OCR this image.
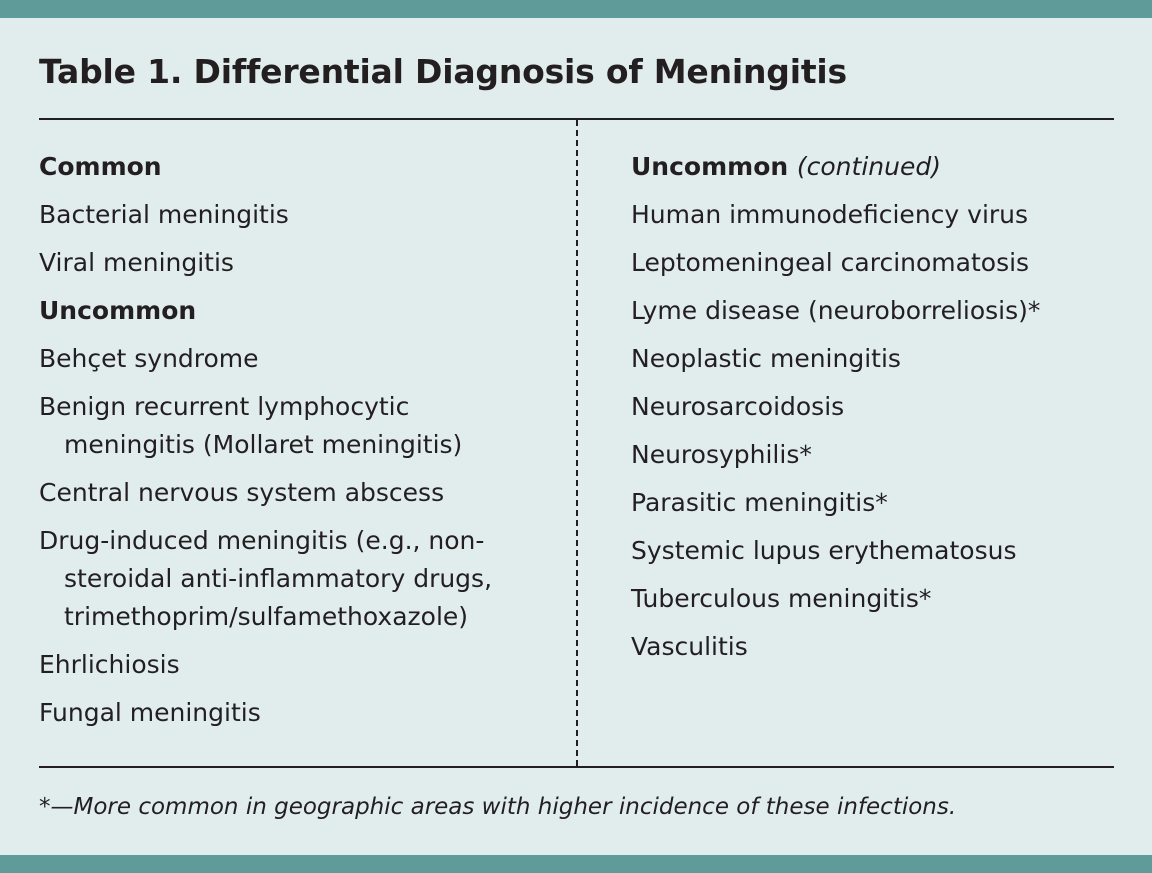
Table 1. Differential Diagnosis of Meningitis
Common
Bacterial meningitis
Viral meningitis
Uncommon
Behçet syndrome
Benign recurrent lymphocytic meningitis (Mollaret meningitis)
Central nervous system abscess
Drug-induced meningitis (e.g., non-steroidal anti-inflammatory drugs, trimethoprim/sulfamethoxazole)
Ehrlichiosis
Fungal meningitis
Uncommon (continued)
Human immunodeficiency virus
Leptomeningeal carcinomatosis
Lyme disease (neuroborreliosis)*
Neoplastic meningitis
Neurosarcoidosis
Neurosyphilis*
Parasitic meningitis*
Systemic lupus erythematosus
Tuberculous meningitis*
Vasculitis

*—More common in geographic areas with higher incidence of these infections.
